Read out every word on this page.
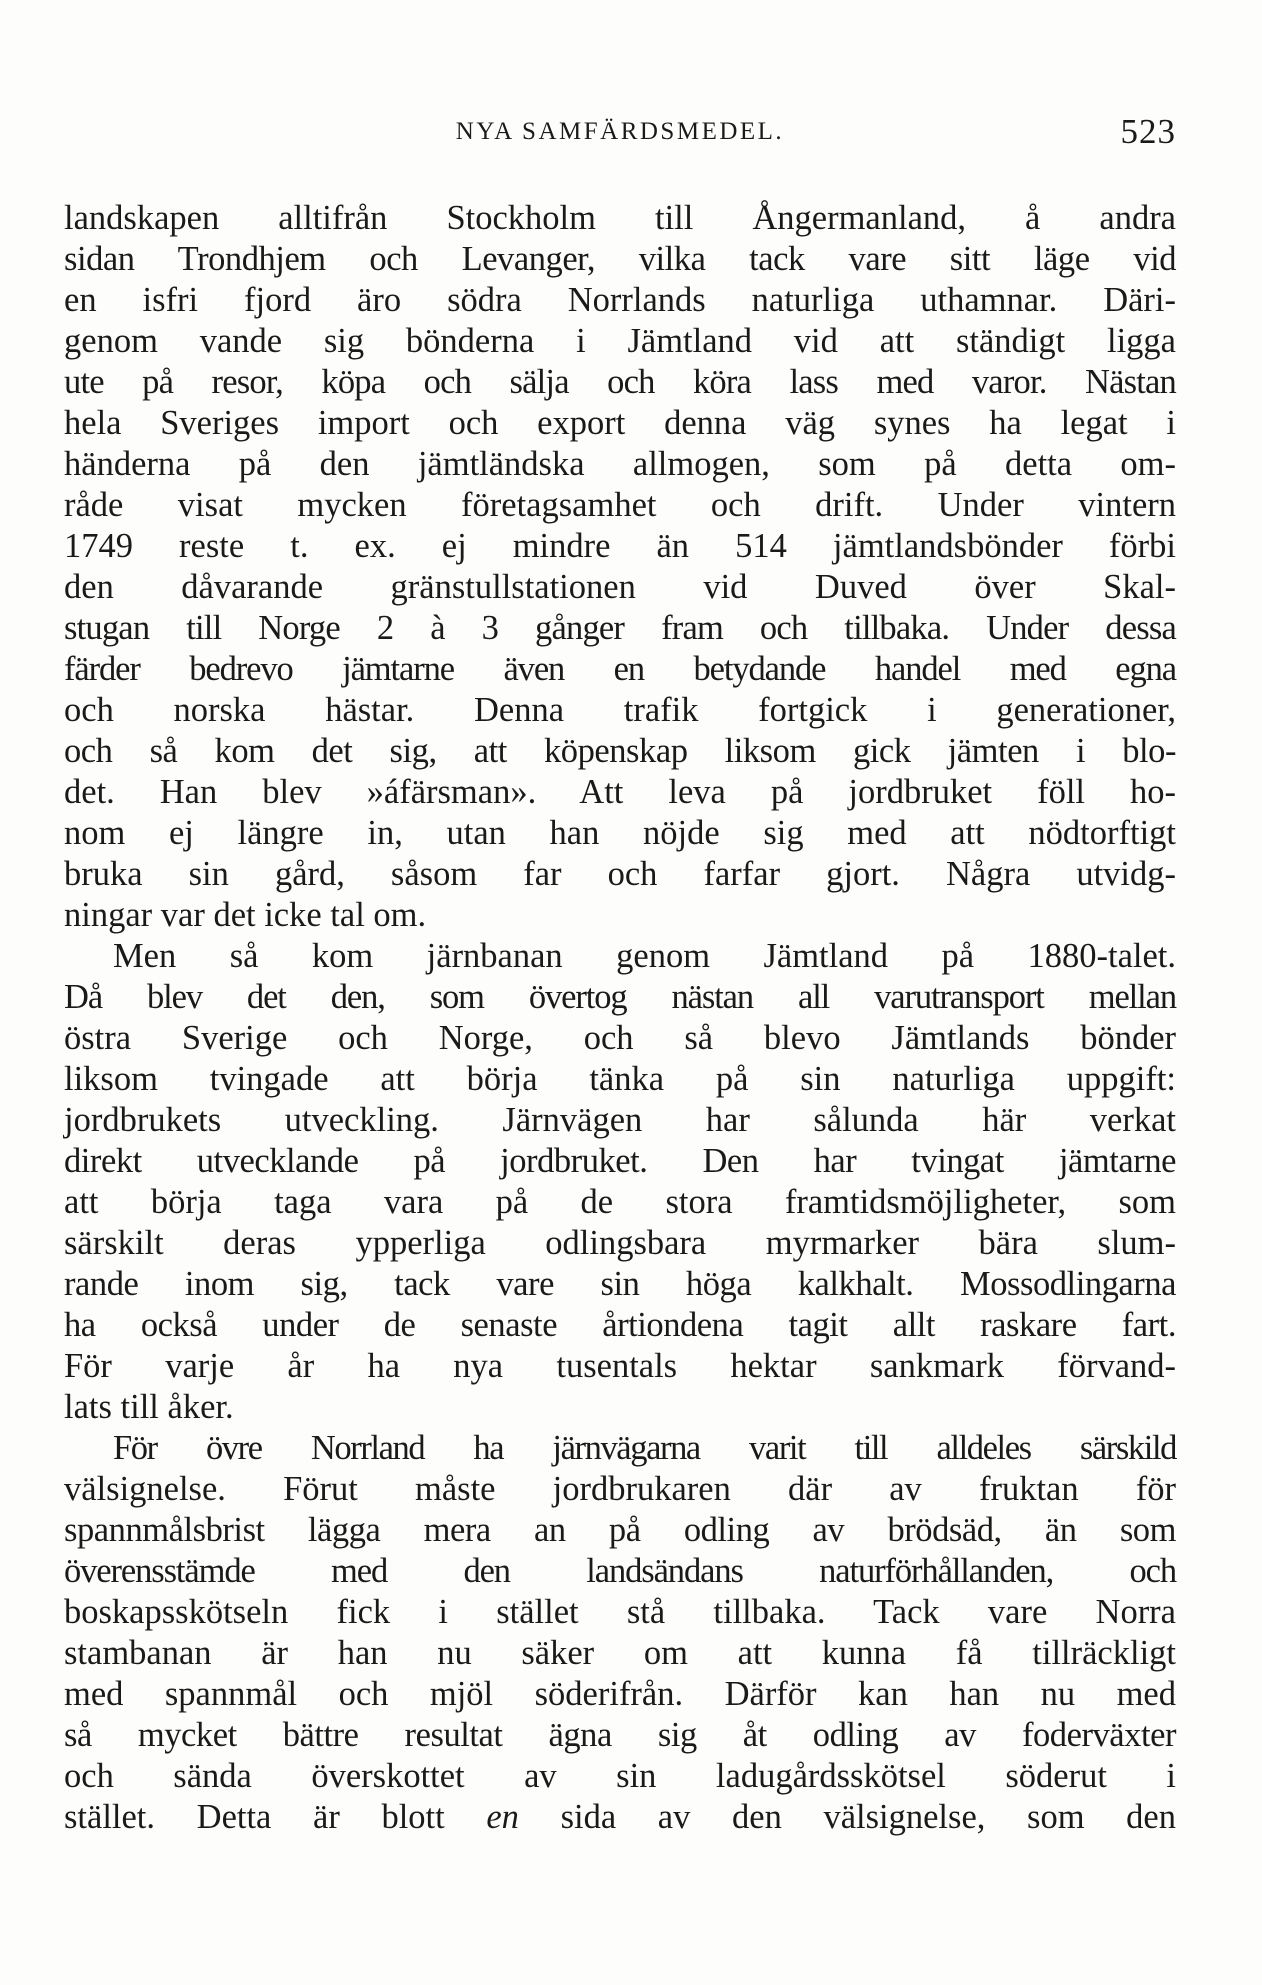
NYA SAMFÄRDSMEDEL.	523
landskapen alltifrån Stockholm till Ångermanland, å andra
sidan Trondhjem och Levanger, vilka tack vare sitt läge vid
en isfri fjord äro södra Norrlands naturliga uthamnar. Däri-
genom vande sig bönderna i Jämtland vid att ständigt ligga
ute på resor, köpa och sälja och köra lass med varor. Nästan
hela Sveriges import och export denna väg synes ha legat i
händerna på den jämtländska allmogen, som på detta om-
råde visat mycken företagsamhet och drift. Under vintern
1749 reste t. ex. ej mindre än 514 jämtlandsbönder förbi
den dåvarande gränstullstationen vid Duved över Skal-
stugan till Norge 2 à 3 gånger fram och tillbaka. Under dessa
färder bedrevo jämtarne även en betydande handel med egna
och norska hästar. Denna trafik fortgick i generationer,
och så kom det sig, att köpenskap liksom gick jämten i blo-
det. Han blev »áfärsman». Att leva på jordbruket föll ho-
nom ej längre in, utan han nöjde sig med att nödtorftigt
bruka sin gård, såsom far och farfar gjort. Några utvidg-
ningar var det icke tal om.
Men så kom järnbanan genom Jämtland på 1880-talet.
Då blev det den, som övertog nästan all varutransport mellan
östra Sverige och Norge, och så blevo Jämtlands bönder
liksom tvingade att börja tänka på sin naturliga uppgift:
jordbrukets utveckling. Järnvägen har sålunda här verkat
direkt utvecklande på jordbruket. Den har tvingat jämtarne
att börja taga vara på de stora framtidsmöjligheter, som
särskilt deras ypperliga odlingsbara myrmarker bära slum-
rande inom sig, tack vare sin höga kalkhalt. Mossodlingarna
ha också under de senaste årtiondena tagit allt raskare fart.
För varje år ha nya tusentals hektar sankmark förvand-
lats till åker.
För övre Norrland ha järnvägarna varit till alldeles särskild
välsignelse. Förut måste jordbrukaren där av fruktan för
spannmålsbrist lägga mera an på odling av brödsäd, än som
överensstämde med den landsändans naturförhållanden, och
boskapsskötseln fick i stället stå tillbaka. Tack vare Norra
stambanan är han nu säker om att kunna få tillräckligt
med spannmål och mjöl söderifrån. Därför kan han nu med
så mycket bättre resultat ägna sig åt odling av foderväxter
och sända överskottet av sin ladugårdsskötsel söderut i
stället. Detta är blott en sida av den välsignelse, som den
